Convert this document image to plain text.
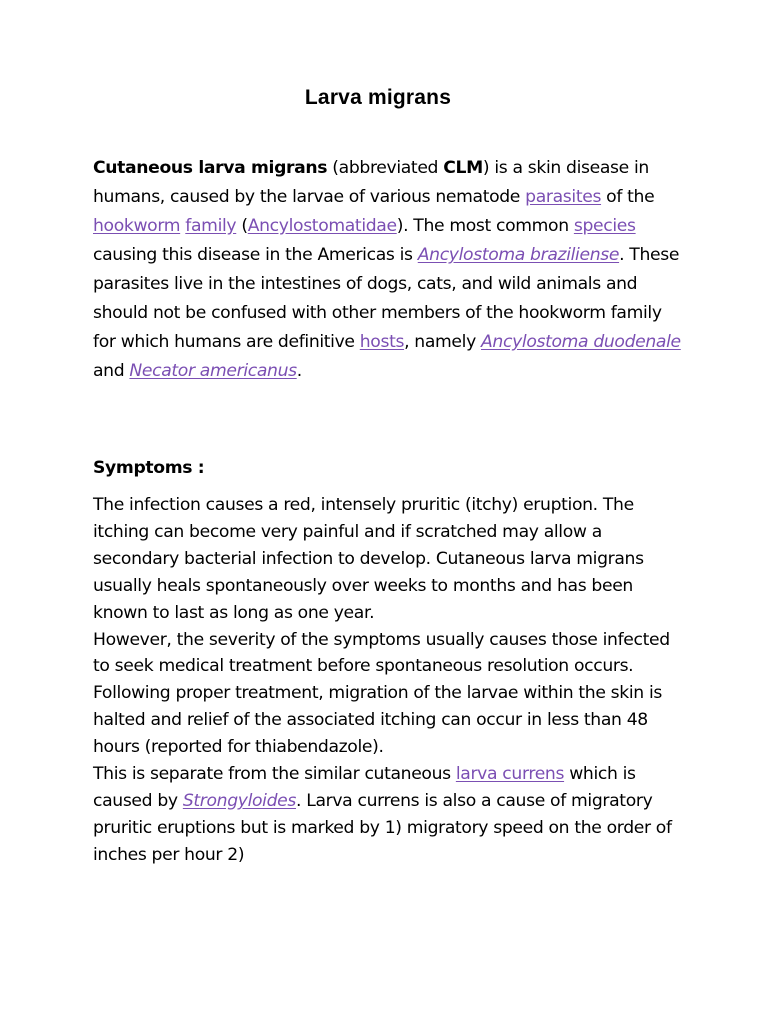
Larva migrans

Cutaneous larva migrans (abbreviated CLM) is a skin disease in humans, caused by the larvae of various nematode parasites of the hookworm family (Ancylostomatidae). The most common species causing this disease in the Americas is Ancylostoma braziliense. These parasites live in the intestines of dogs, cats, and wild animals and should not be confused with other members of the hookworm family for which humans are definitive hosts, namely Ancylostoma duodenale and Necator americanus.

Symptoms :

The infection causes a red, intensely pruritic (itchy) eruption. The itching can become very painful and if scratched may allow a secondary bacterial infection to develop. Cutaneous larva migrans usually heals spontaneously over weeks to months and has been known to last as long as one year.
However, the severity of the symptoms usually causes those infected to seek medical treatment before spontaneous resolution occurs. Following proper treatment, migration of the larvae within the skin is halted and relief of the associated itching can occur in less than 48 hours (reported for thiabendazole).
This is separate from the similar cutaneous larva currens which is caused by Strongyloides. Larva currens is also a cause of migratory pruritic eruptions but is marked by 1) migratory speed on the order of inches per hour 2)
